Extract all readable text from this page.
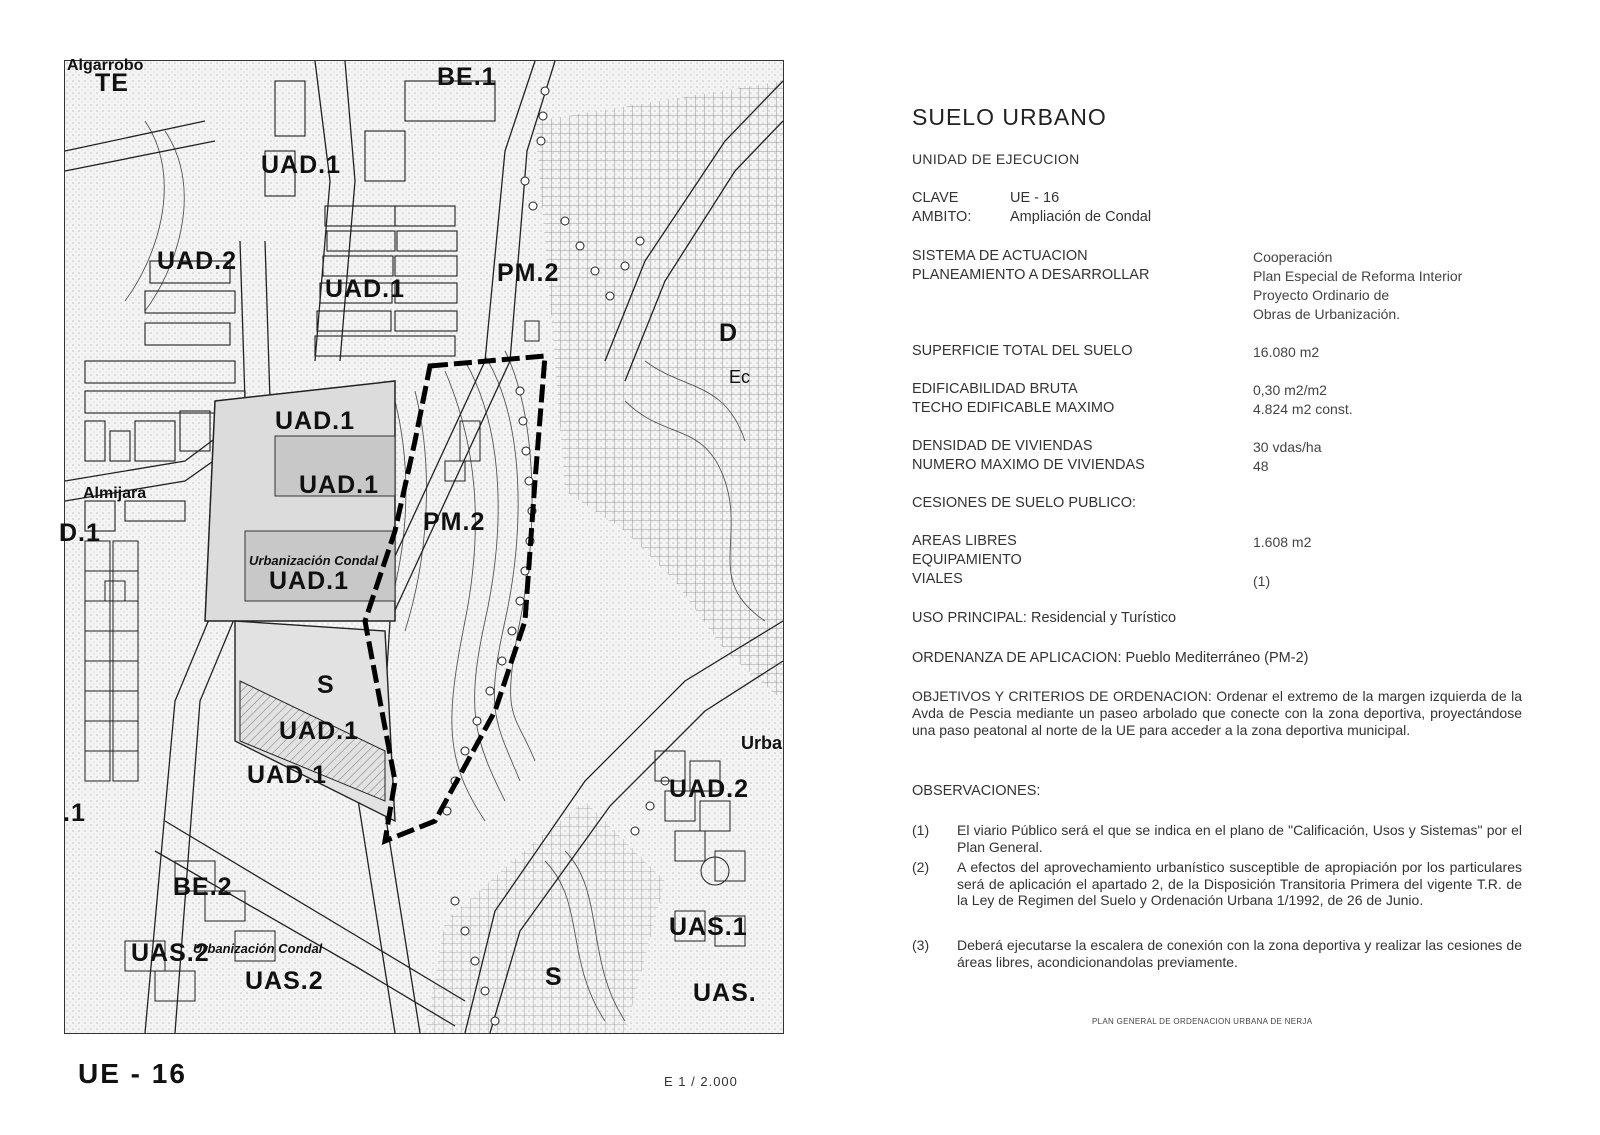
Algarrobo
TE	BE.1
UAD.1
UAD.2
UAD.1
PM.2
D
UAD.1
UAD.1
PM.2
Urbanización Condal
UAD.1
S
UAD.1
UAD.1
Almijara
D.1
UAD.2
Urba
BE.2
UAS.1
UAS.2
Urbanización Condal
UAS.2	S
UAS.
.1
Ec
UE - 16	E 1 / 2.000
SUELO URBANO
UNIDAD DE EJECUCION
CLAVE	UE - 16
AMBITO:	Ampliación de Condal
SISTEMA DE ACTUACION	Cooperación
PLANEAMIENTO A DESARROLLAR	Plan Especial de Reforma Interior
Proyecto Ordinario de
Obras de Urbanización.
SUPERFICIE TOTAL DEL SUELO	16.080 m2
EDIFICABILIDAD BRUTA	0,30 m2/m2
TECHO EDIFICABLE MAXIMO	4.824 m2 const.
DENSIDAD DE VIVIENDAS	30 vdas/ha
NUMERO MAXIMO DE VIVIENDAS	48
CESIONES DE SUELO PUBLICO:
AREAS LIBRES	1.608 m2
EQUIPAMIENTO
VIALES	(1)
USO PRINCIPAL: Residencial y Turístico
ORDENANZA DE APLICACION: Pueblo Mediterráneo (PM-2)
OBJETIVOS Y CRITERIOS DE ORDENACION: Ordenar el extremo de la margen izquierda de la Avda de Pescia mediante un paseo arbolado que conecte con la zona deportiva, proyectándose una paso peatonal al norte de la UE para acceder a la zona deportiva municipal.
OBSERVACIONES:
(1) El viario Público será el que se indica en el plano de "Calificación, Usos y Sistemas" por el Plan General.
(2) A efectos del aprovechamiento urbanístico susceptible de apropiación por los particulares será de aplicación el apartado 2, de la Disposición Transitoria Primera del vigente T.R. de la Ley de Regimen del Suelo y Ordenación Urbana 1/1992, de 26 de Junio.
(3) Deberá ejecutarse la escalera de conexión con la zona deportiva y realizar las cesiones de áreas libres, acondicionandolas previamente.
PLAN GENERAL DE ORDENACION URBANA DE NERJA
